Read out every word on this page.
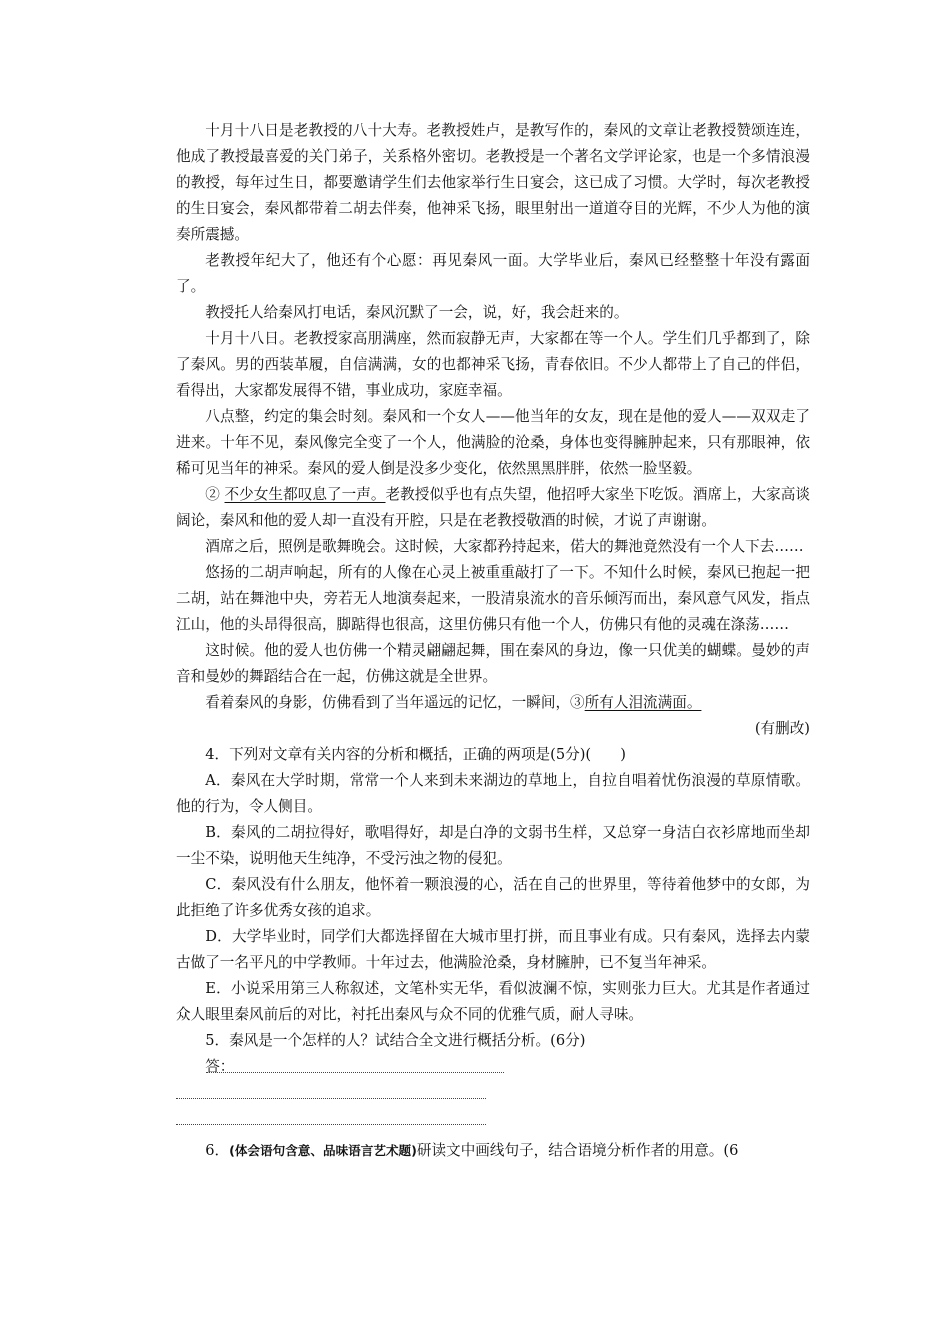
十月十八日是老教授的八十大寿。老教授姓卢，是教写作的，秦风的文章让老教授赞颂连连，他成了教授最喜爱的关门弟子，关系格外密切。老教授是一个著名文学评论家，也是一个多情浪漫的教授，每年过生日，都要邀请学生们去他家举行生日宴会，这已成了习惯。大学时，每次老教授的生日宴会，秦风都带着二胡去伴奏，他神采飞扬，眼里射出一道道夺目的光辉，不少人为他的演奏所震撼。

老教授年纪大了，他还有个心愿：再见秦风一面。大学毕业后，秦风已经整整十年没有露面了。

教授托人给秦风打电话，秦风沉默了一会，说，好，我会赶来的。

十月十八日。老教授家高朋满座，然而寂静无声，大家都在等一个人。学生们几乎都到了，除了秦风。男的西装革履，自信满满，女的也都神采飞扬，青春依旧。不少人都带上了自己的伴侣，看得出，大家都发展得不错，事业成功，家庭幸福。

八点整，约定的集会时刻。秦风和一个女人——他当年的女友，现在是他的爱人——双双走了进来。十年不见，秦风像完全变了一个人，他满脸的沧桑，身体也变得臃肿起来，只有那眼神，依稀可见当年的神采。秦风的爱人倒是没多少变化，依然黑黑胖胖，依然一脸坚毅。

② 不少女生都叹息了一声。老教授似乎也有点失望，他招呼大家坐下吃饭。酒席上，大家高谈阔论，秦风和他的爱人却一直没有开腔，只是在老教授敬酒的时候，才说了声谢谢。

酒席之后，照例是歌舞晚会。这时候，大家都矜持起来，偌大的舞池竟然没有一个人下去……

悠扬的二胡声响起，所有的人像在心灵上被重重敲打了一下。不知什么时候，秦风已抱起一把二胡，站在舞池中央，旁若无人地演奏起来，一股清泉流水的音乐倾泻而出，秦风意气风发，指点江山，他的头昂得很高，脚踮得也很高，这里仿佛只有他一个人，仿佛只有他的灵魂在涤荡……

这时候。他的爱人也仿佛一个精灵翩翩起舞，围在秦风的身边，像一只优美的蝴蝶。曼妙的声音和曼妙的舞蹈结合在一起，仿佛这就是全世界。

看着秦风的身影，仿佛看到了当年遥远的记忆，一瞬间，③所有人泪流满面。

(有删改)

4．下列对文章有关内容的分析和概括，正确的两项是(5分)(　　)

A．秦风在大学时期，常常一个人来到未来湖边的草地上，自拉自唱着忧伤浪漫的草原情歌。他的行为，令人侧目。

B．秦风的二胡拉得好，歌唱得好，却是白净的文弱书生样，又总穿一身洁白衣衫席地而坐却一尘不染，说明他天生纯净，不受污浊之物的侵犯。

C．秦风没有什么朋友，他怀着一颗浪漫的心，活在自己的世界里，等待着他梦中的女郎，为此拒绝了许多优秀女孩的追求。

D．大学毕业时，同学们大都选择留在大城市里打拼，而且事业有成。只有秦风，选择去内蒙古做了一名平凡的中学教师。十年过去，他满脸沧桑，身材臃肿，已不复当年神采。

E．小说采用第三人称叙述，文笔朴实无华，看似波澜不惊，实则张力巨大。尤其是作者通过众人眼里秦风前后的对比，衬托出秦风与众不同的优雅气质，耐人寻味。

5．秦风是一个怎样的人？试结合全文进行概括分析。(6分)

答：

6．(体会语句含意、品味语言艺术题)研读文中画线句子，结合语境分析作者的用意。(6
